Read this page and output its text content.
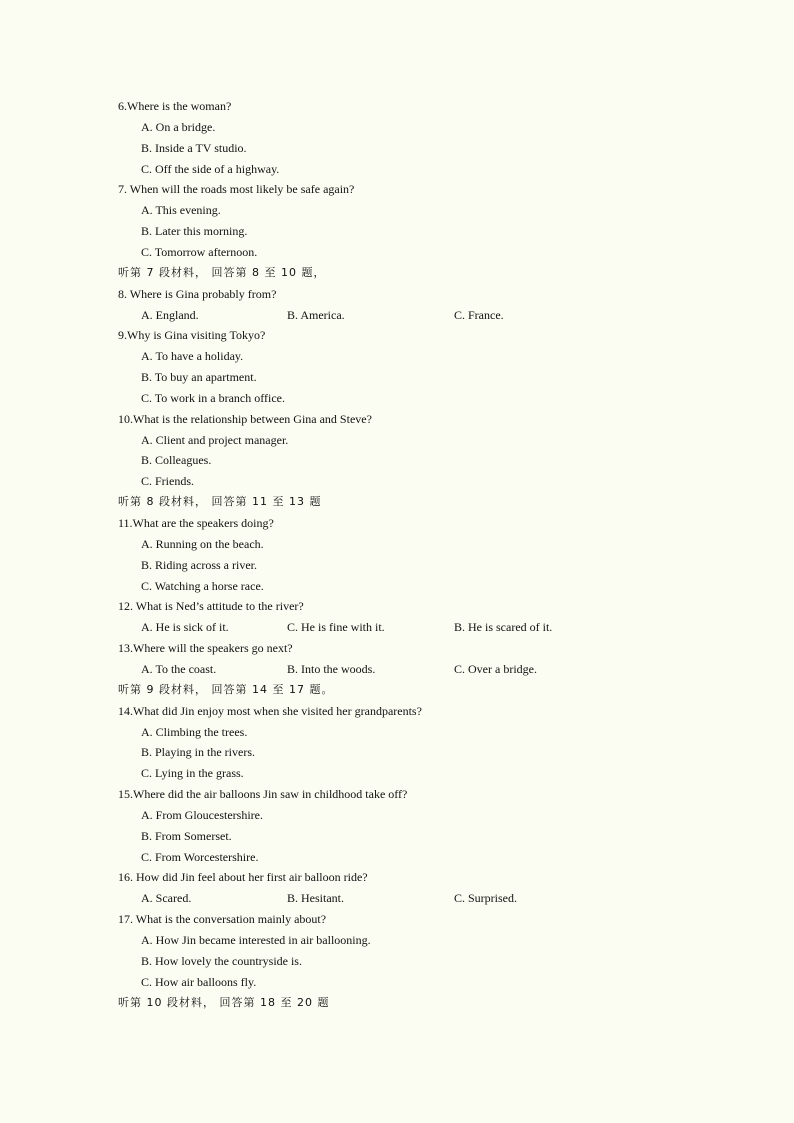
6.Where is the woman?
A. On a bridge.
B. Inside a TV studio.
C. Off the side of a highway.
7. When will the roads most likely be safe again?
A. This evening.
B. Later this morning.
C. Tomorrow afternoon.
听第 7 段材料， 回答第 8 至 10 题，
8. Where is Gina probably from?
A. England.	B. America.	C. France.
9.Why is Gina visiting Tokyo?
A. To have a holiday.
B. To buy an apartment.
C. To work in a branch office.
10.What is the relationship between Gina and Steve?
A. Client and project manager.
B. Colleagues.
C. Friends.
听第 8 段材料， 回答第 11 至 13 题
11.What are the speakers doing?
A. Running on the beach.
B. Riding across a river.
C. Watching a horse race.
12. What is Ned’s attitude to the river?
A. He is sick of it.	C. He is fine with it.	B. He is scared of it.
13.Where will the speakers go next?
A. To the coast.	B. Into the woods.	C. Over a bridge.
听第 9 段材料， 回答第 14 至 17 题。
14.What did Jin enjoy most when she visited her grandparents?
A. Climbing the trees.
B. Playing in the rivers.
C. Lying in the grass.
15.Where did the air balloons Jin saw in childhood take off?
A. From Gloucestershire.
B. From Somerset.
C. From Worcestershire.
16. How did Jin feel about her first air balloon ride?
A. Scared.	B. Hesitant.	C. Surprised.
17. What is the conversation mainly about?
A. How Jin became interested in air ballooning.
B. How lovely the countryside is.
C. How air balloons fly.
听第 10 段材料， 回答第 18 至 20 题
